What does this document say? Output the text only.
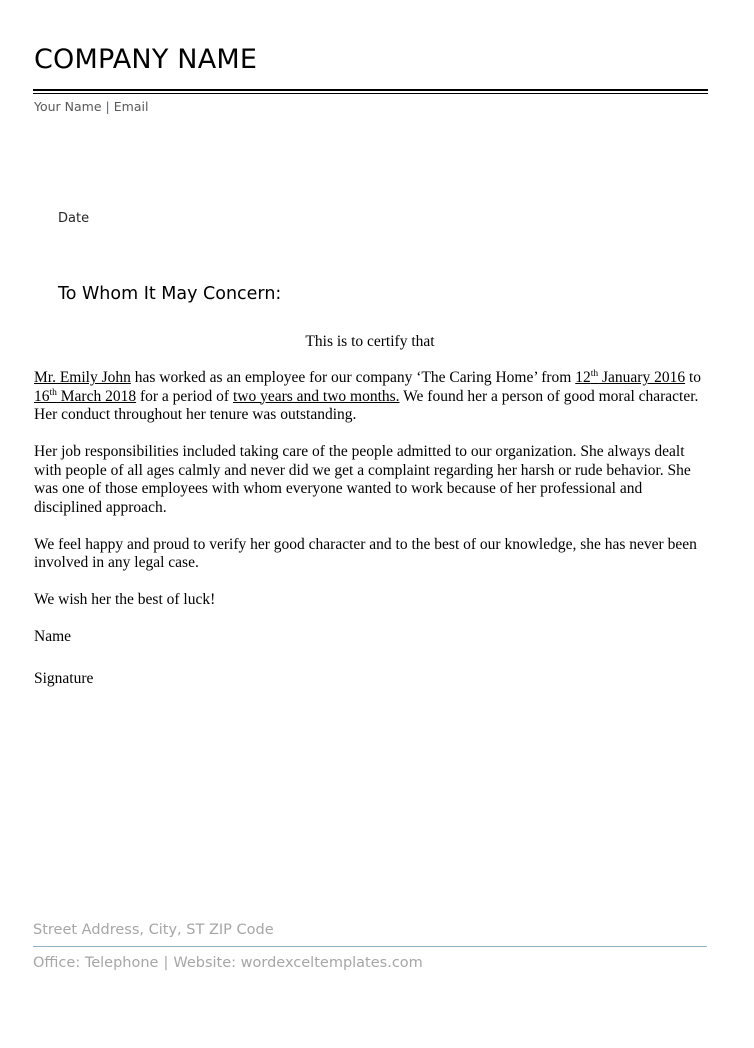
COMPANY NAME
Your Name | Email
Date
To Whom It May Concern:
This is to certify that

Mr. Emily John has worked as an employee for our company ‘The Caring Home’ from 12th January 2016 to 16th March 2018 for a period of two years and two months. We found her a person of good moral character. Her conduct throughout her tenure was outstanding.

Her job responsibilities included taking care of the people admitted to our organization. She always dealt with people of all ages calmly and never did we get a complaint regarding her harsh or rude behavior. She was one of those employees with whom everyone wanted to work because of her professional and disciplined approach.

We feel happy and proud to verify her good character and to the best of our knowledge, she has never been involved in any legal case.

We wish her the best of luck!

Name
Signature
Street Address, City, ST ZIP Code
Office: Telephone | Website: wordexceltemplates.com
